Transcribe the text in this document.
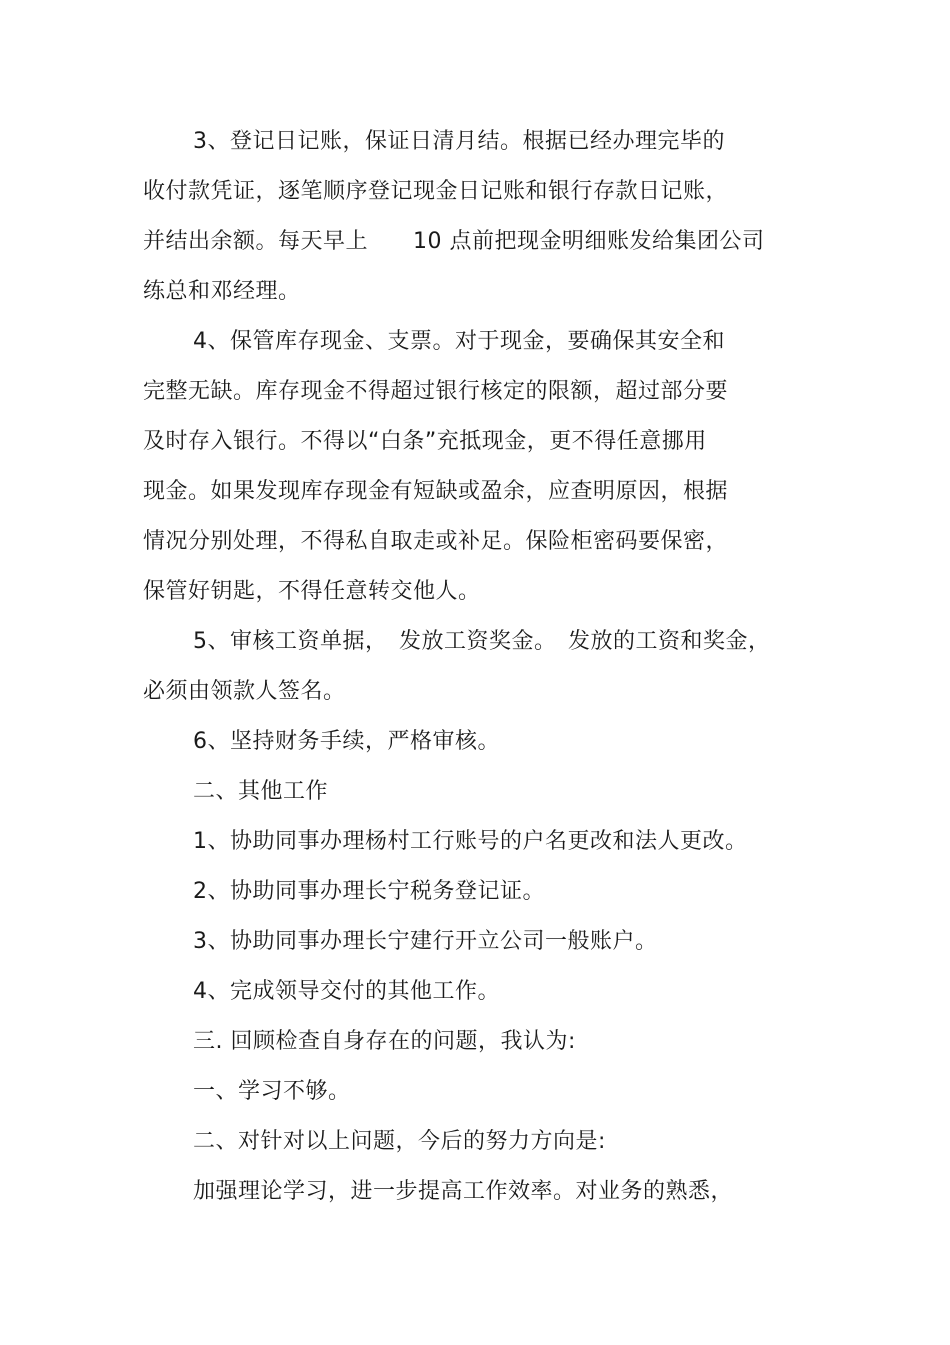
3、登记日记账，保证日清月结。根据已经办理完毕的
收付款凭证，逐笔顺序登记现金日记账和银行存款日记账，
并结出余额。每天早上　　10 点前把现金明细账发给集团公司
练总和邓经理。
4、保管库存现金、支票。对于现金，要确保其安全和
完整无缺。库存现金不得超过银行核定的限额，超过部分要
及时存入银行。不得以“白条”充抵现金，更不得任意挪用
现金。如果发现库存现金有短缺或盈余，应查明原因，根据
情况分别处理，不得私自取走或补足。保险柜密码要保密，
保管好钥匙，不得任意转交他人。
5、审核工资单据，　发放工资奖金。　发放的工资和奖金，
必须由领款人签名。
6、坚持财务手续，严格审核。
二、其他工作
1、协助同事办理杨村工行账号的户名更改和法人更改。
2、协助同事办理长宁税务登记证。
3、协助同事办理长宁建行开立公司一般账户。
4、完成领导交付的其他工作。
三. 回顾检查自身存在的问题，我认为:
一、学习不够。
二、对针对以上问题，今后的努力方向是:
加强理论学习，进一步提高工作效率。对业务的熟悉，
